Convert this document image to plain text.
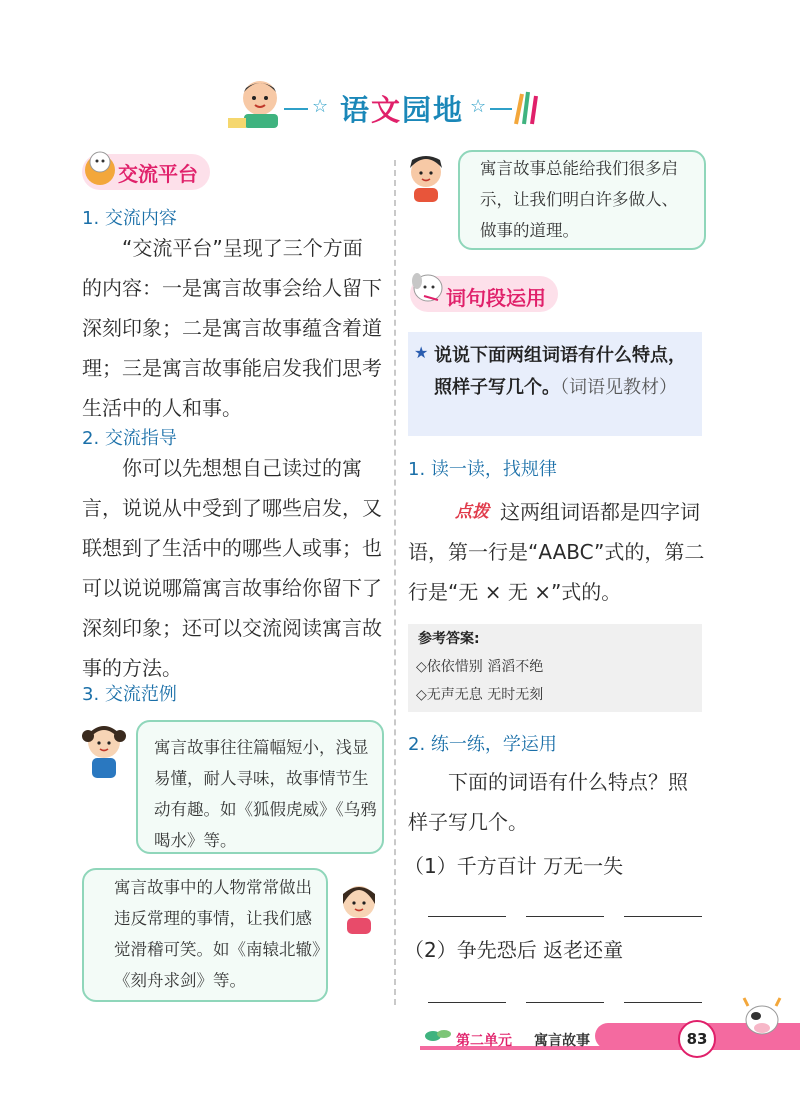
☆ 语文园地 ☆
交流平台
1. 交流内容
“交流平台”呈现了三个方面的内容：一是寓言故事会给人留下深刻印象；二是寓言故事蕴含着道理；三是寓言故事能启发我们思考生活中的人和事。
2. 交流指导
你可以先想想自己读过的寓言，说说从中受到了哪些启发，又联想到了生活中的哪些人或事；也可以说说哪篇寓言故事给你留下了深刻印象；还可以交流阅读寓言故事的方法。
3. 交流范例
寓言故事往往篇幅短小，浅显易懂，耐人寻味，故事情节生动有趣。如《狐假虎威》《乌鸦喝水》等。
寓言故事中的人物常常做出违反常理的事情，让我们感觉滑稽可笑。如《南辕北辙》《刻舟求剑》等。
寓言故事总能给我们很多启示，让我们明白许多做人、做事的道理。
词句段运用
★ 说说下面两组词语有什么特点，照样子写几个。（词语见教材）
1. 读一读，找规律
点拨 这两组词语都是四字词语，第一行是“AABC”式的，第二行是“无 × 无 ×”式的。
参考答案:
◇依依惜别 滔滔不绝
◇无声无息 无时无刻
2. 练一练，学运用
下面的词语有什么特点？照样子写几个。
（1）千方百计 万无一失
（2）争先恐后 返老还童
第二单元 寓言故事	83
